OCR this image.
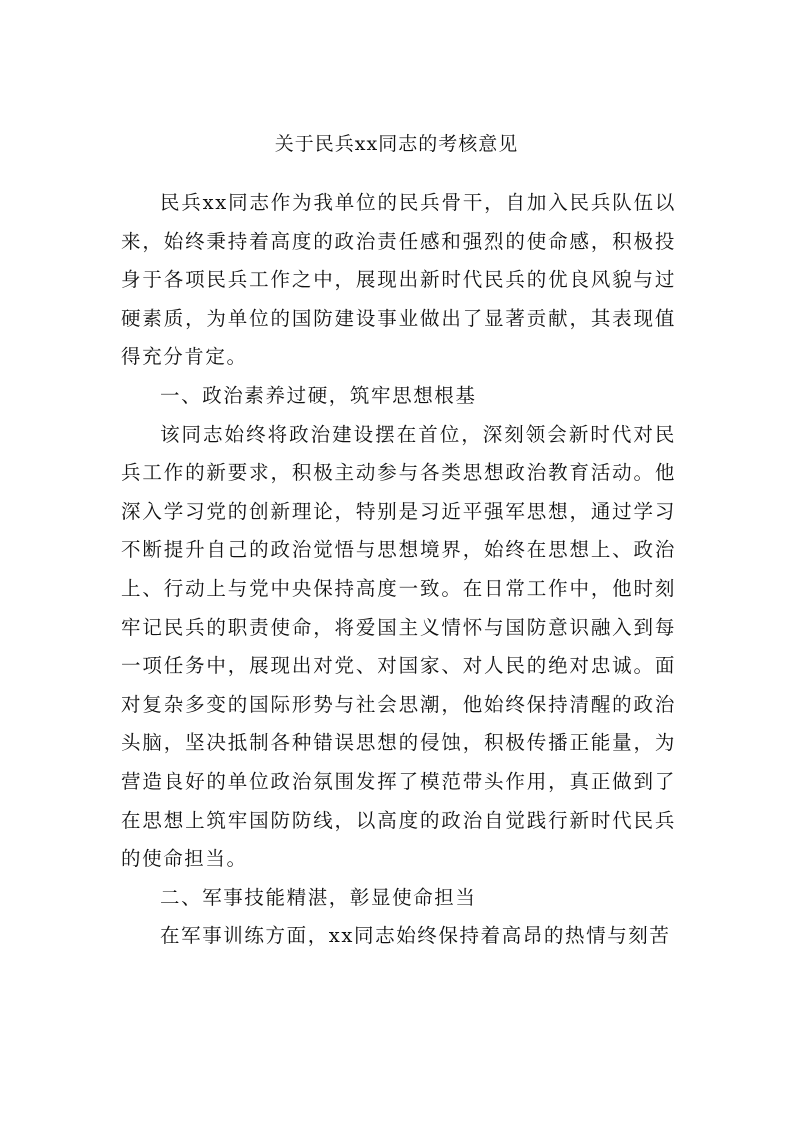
关于民兵xx同志的考核意见

民兵xx同志作为我单位的民兵骨干，自加入民兵队伍以来，始终秉持着高度的政治责任感和强烈的使命感，积极投身于各项民兵工作之中，展现出新时代民兵的优良风貌与过硬素质，为单位的国防建设事业做出了显著贡献，其表现值得充分肯定。

一、政治素养过硬，筑牢思想根基

该同志始终将政治建设摆在首位，深刻领会新时代对民兵工作的新要求，积极主动参与各类思想政治教育活动。他深入学习党的创新理论，特别是习近平强军思想，通过学习不断提升自己的政治觉悟与思想境界，始终在思想上、政治上、行动上与党中央保持高度一致。在日常工作中，他时刻牢记民兵的职责使命，将爱国主义情怀与国防意识融入到每一项任务中，展现出对党、对国家、对人民的绝对忠诚。面对复杂多变的国际形势与社会思潮，他始终保持清醒的政治头脑，坚决抵制各种错误思想的侵蚀，积极传播正能量，为营造良好的单位政治氛围发挥了模范带头作用，真正做到了在思想上筑牢国防防线，以高度的政治自觉践行新时代民兵的使命担当。

二、军事技能精湛，彰显使命担当

在军事训练方面，xx同志始终保持着高昂的热情与刻苦
